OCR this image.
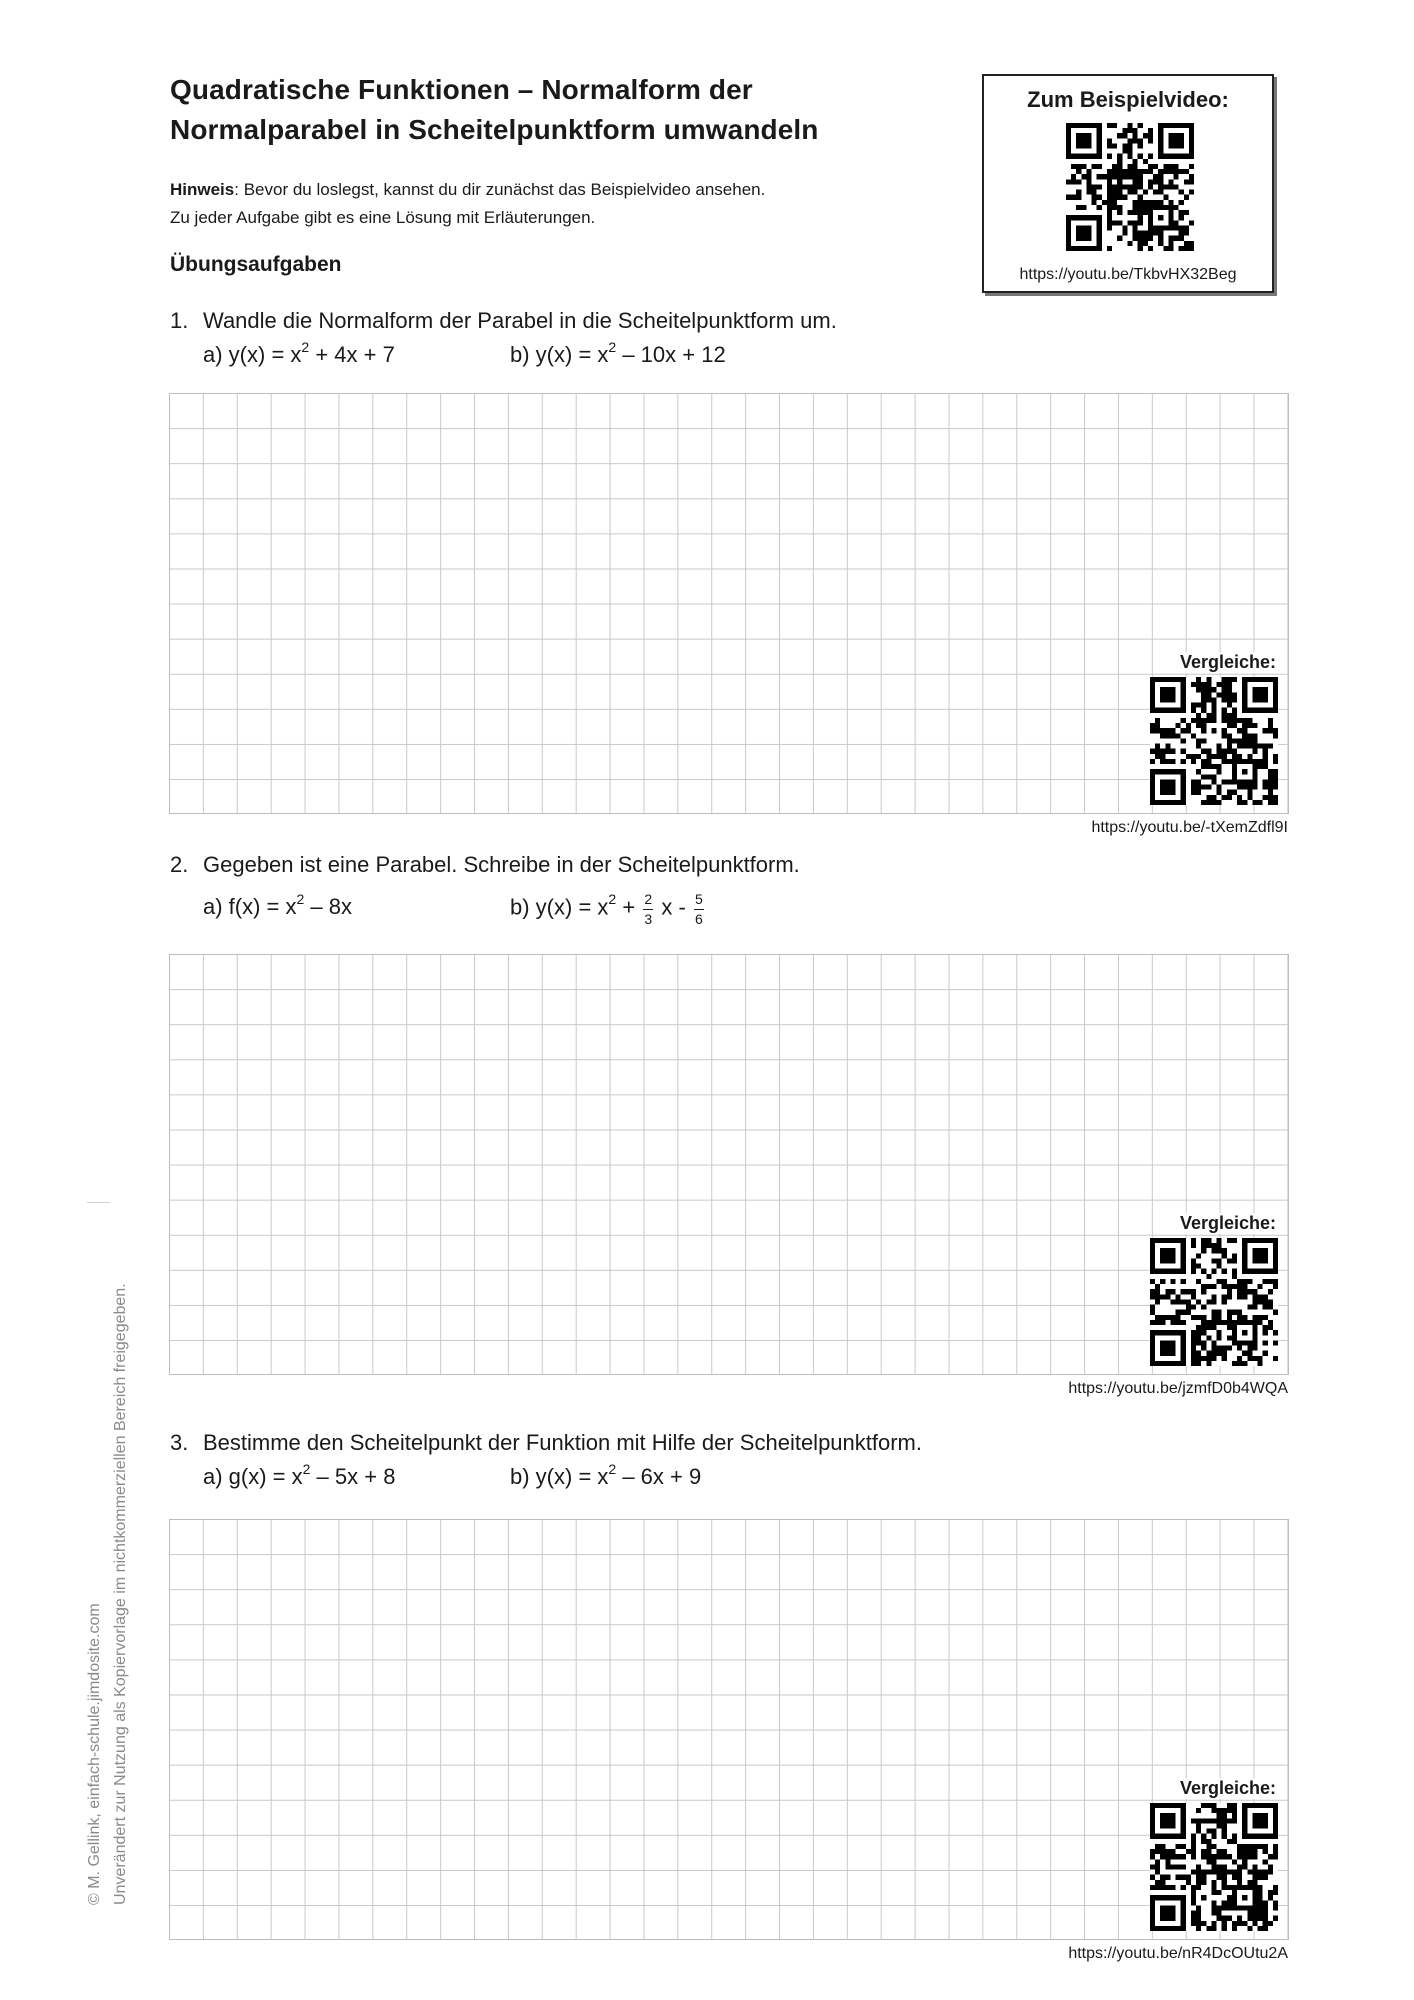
Quadratische Funktionen – Normalform der
Normalparabel in Scheitelpunktform umwandeln
Hinweis: Bevor du loslegst, kannst du dir zunächst das Beispielvideo ansehen.
Zu jeder Aufgabe gibt es eine Lösung mit Erläuterungen.
Übungsaufgaben
Zum Beispielvideo:
https://youtu.be/TkbvHX32Beg
1. Wandle die Normalform der Parabel in die Scheitelpunktform um.
a) $y(x) = x^2 + 4x + 7$	b) $y(x) = x^2 - 10x + 12$
Vergleiche:
https://youtu.be/-tXemZdfl9I
2. Gegeben ist eine Parabel. Schreibe in der Scheitelpunktform.
a) $f(x) = x^2 - 8x$	b) $y(x) = x^2 + \frac{2}{3}$ x - $\frac{5}{6}$
Vergleiche:
https://youtu.be/jzmfD0b4WQA
3. Bestimme den Scheitelpunkt der Funktion mit Hilfe der Scheitelpunktform.
a) $g(x) = x^2 - 5x + 8$	b) $y(x) = x^2 - 6x + 9$
Vergleiche:
https://youtu.be/nR4DcOUtu2A
© M. Gellink, einfach-schule.jimdosite.com Unverändert zur Nutzung als Kopiervorlage im nichtkommerziellen Bereich freigegeben.
